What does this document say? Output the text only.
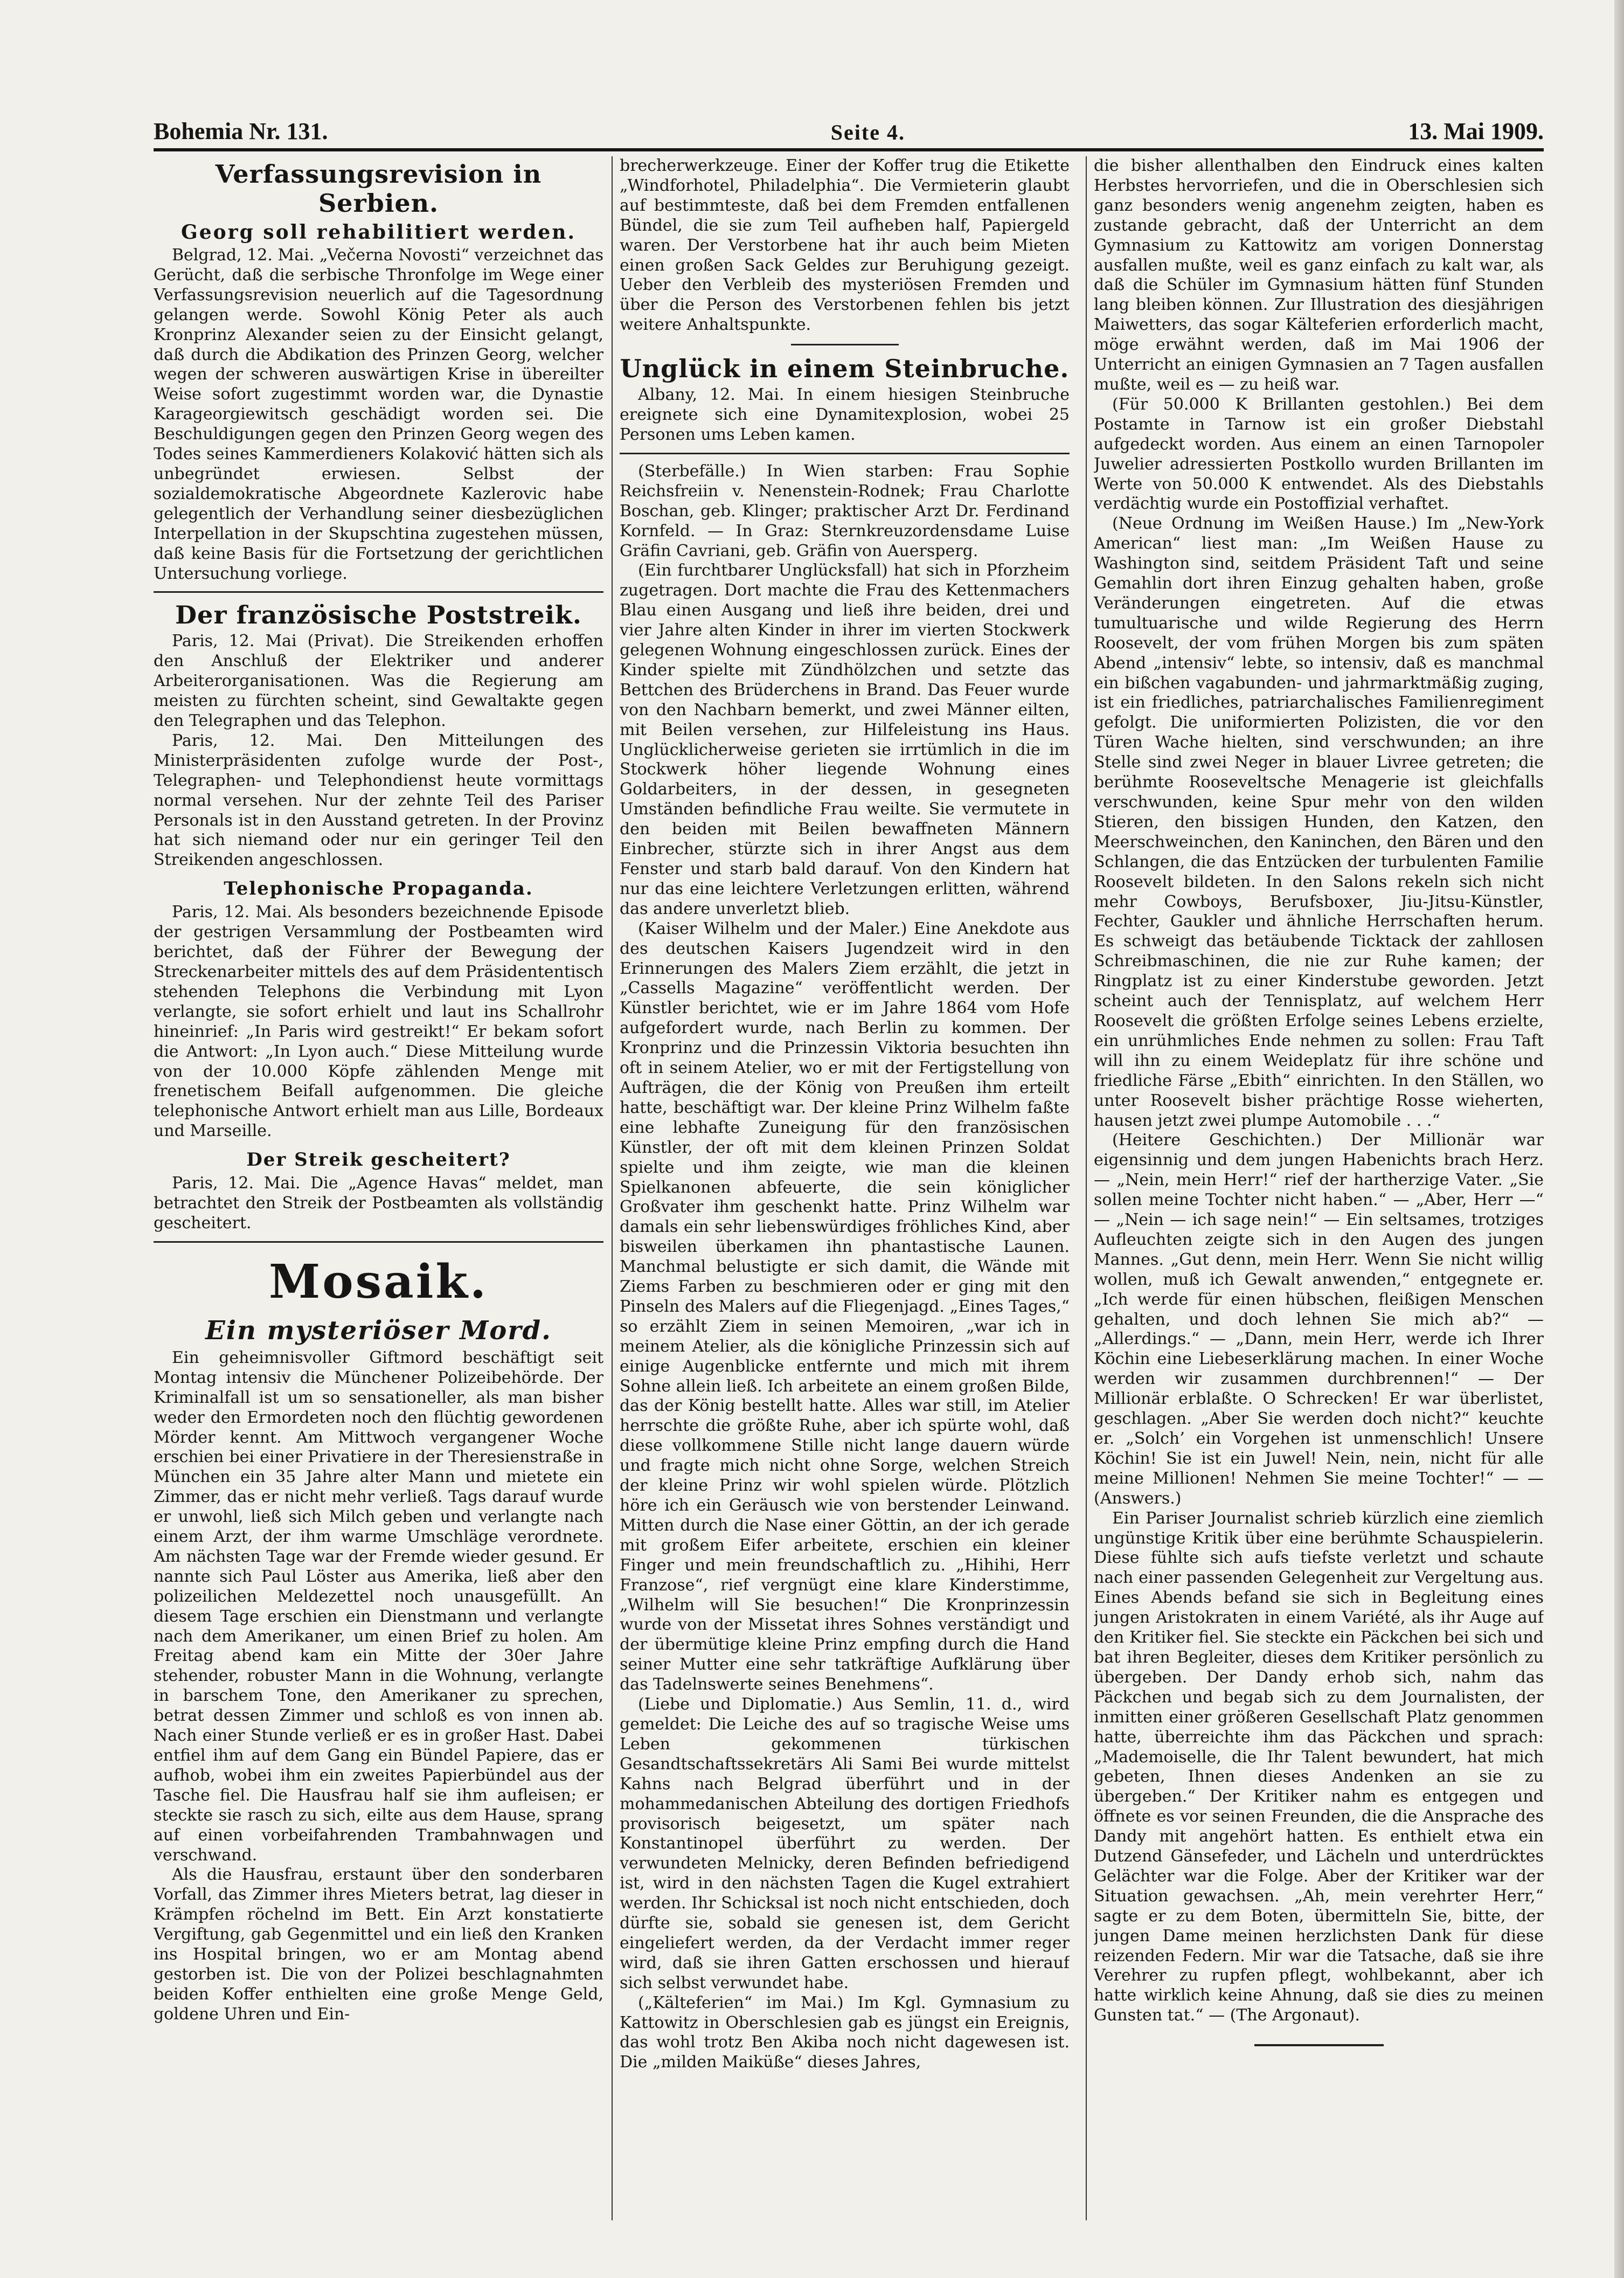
Bohemia Nr. 131.	Seite 4.	13. Mai 1909.
Verfassungsrevision in Serbien.
Georg soll rehabilitiert werden.

Belgrad, 12. Mai. „Večerna Novosti“ verzeichnet das Gerücht, daß die serbische Thronfolge im Wege einer Verfassungsrevision neuerlich auf die Tagesordnung gelangen werde. Sowohl König Peter als auch Kronprinz Alexander seien zu der Einsicht gelangt, daß durch die Abdikation des Prinzen Georg, welcher wegen der schweren auswärtigen Krise in übereilter Weise sofort zugestimmt worden war, die Dynastie Karageorgiewitsch geschädigt worden sei. Die Beschuldigungen gegen den Prinzen Georg wegen des Todes seines Kammerdieners Kolaković hätten sich als unbegründet erwiesen. Selbst der sozialdemokratische Abgeordnete Kazlerovic habe gelegentlich der Verhandlung seiner diesbezüglichen Interpellation in der Skupschtina zugestehen müssen, daß keine Basis für die Fortsetzung der gerichtlichen Untersuchung vorliege.

Der französische Poststreik.

Paris, 12. Mai (Privat). Die Streikenden erhoffen den Anschluß der Elektriker und anderer Arbeiterorganisationen. Was die Regierung am meisten zu fürchten scheint, sind Gewaltakte gegen den Telegraphen und das Telephon.

Paris, 12. Mai. Den Mitteilungen des Ministerpräsidenten zufolge wurde der Post-, Telegraphen- und Telephondienst heute vormittags normal versehen. Nur der zehnte Teil des Pariser Personals ist in den Ausstand getreten. In der Provinz hat sich niemand oder nur ein geringer Teil den Streikenden angeschlossen.

Telephonische Propaganda.

Paris, 12. Mai. Als besonders bezeichnende Episode der gestrigen Versammlung der Postbeamten wird berichtet, daß der Führer der Bewegung der Streckenarbeiter mittels des auf dem Präsidententisch stehenden Telephons die Verbindung mit Lyon verlangte, sie sofort erhielt und laut ins Schallrohr hineinrief: „In Paris wird gestreikt!“ Er bekam sofort die Antwort: „In Lyon auch.“ Diese Mitteilung wurde von der 10.000 Köpfe zählenden Menge mit frenetischem Beifall aufgenommen. Die gleiche telephonische Antwort erhielt man aus Lille, Bordeaux und Marseille.

Der Streik gescheitert?

Paris, 12. Mai. Die „Agence Havas“ meldet, man betrachtet den Streik der Postbeamten als vollständig gescheitert.

Mosaik.
Ein mysteriöser Mord.

Ein geheimnisvoller Giftmord beschäftigt seit Montag intensiv die Münchener Polizeibehörde. Der Kriminalfall ist um so sensationeller, als man bisher weder den Ermordeten noch den flüchtig gewordenen Mörder kennt. Am Mittwoch vergangener Woche erschien bei einer Privatiere in der Theresienstraße in München ein 35 Jahre alter Mann und mietete ein Zimmer, das er nicht mehr verließ. Tags darauf wurde er unwohl, ließ sich Milch geben und verlangte nach einem Arzt, der ihm warme Umschläge verordnete. Am nächsten Tage war der Fremde wieder gesund. Er nannte sich Paul Löster aus Amerika, ließ aber den polizeilichen Meldezettel noch unausgefüllt. An diesem Tage erschien ein Dienstmann und verlangte nach dem Amerikaner, um einen Brief zu holen. Am Freitag abend kam ein Mitte der 30er Jahre stehender, robuster Mann in die Wohnung, verlangte in barschem Tone, den Amerikaner zu sprechen, betrat dessen Zimmer und schloß es von innen ab. Nach einer Stunde verließ er es in großer Hast. Dabei entfiel ihm auf dem Gang ein Bündel Papiere, das er aufhob, wobei ihm ein zweites Papierbündel aus der Tasche fiel. Die Hausfrau half sie ihm aufleisen; er steckte sie rasch zu sich, eilte aus dem Hause, sprang auf einen vorbeifahrenden Trambahnwagen und verschwand.

Als die Hausfrau, erstaunt über den sonderbaren Vorfall, das Zimmer ihres Mieters betrat, lag dieser in Krämpfen röchelnd im Bett. Ein Arzt konstatierte Vergiftung, gab Gegenmittel und ein ließ den Kranken ins Hospital bringen, wo er am Montag abend gestorben ist. Die von der Polizei beschlagnahmten beiden Koffer enthielten eine große Menge Geld, goldene Uhren und Ein-

brecherwerkzeuge. Einer der Koffer trug die Etikette „Windforhotel, Philadelphia“. Die Vermieterin glaubt auf bestimmteste, daß bei dem Fremden entfallenen Bündel, die sie zum Teil aufheben half, Papiergeld waren. Der Verstorbene hat ihr auch beim Mieten einen großen Sack Geldes zur Beruhigung gezeigt. Ueber den Verbleib des mysteriösen Fremden und über die Person des Verstorbenen fehlen bis jetzt weitere Anhaltspunkte.

Unglück in einem Steinbruche.

Albany, 12. Mai. In einem hiesigen Steinbruche ereignete sich eine Dynamitexplosion, wobei 25 Personen ums Leben kamen.

(Sterbefälle.) In Wien starben: Frau Sophie Reichsfreiin v. Nenenstein-Rodnek; Frau Charlotte Boschan, geb. Klinger; praktischer Arzt Dr. Ferdinand Kornfeld. — In Graz: Sternkreuzordensdame Luise Gräfin Cavriani, geb. Gräfin von Auersperg.

(Ein furchtbarer Unglücksfall) hat sich in Pforzheim zugetragen. Dort machte die Frau des Kettenmachers Blau einen Ausgang und ließ ihre beiden, drei und vier Jahre alten Kinder in ihrer im vierten Stockwerk gelegenen Wohnung eingeschlossen zurück. Eines der Kinder spielte mit Zündhölzchen und setzte das Bettchen des Brüderchens in Brand. Das Feuer wurde von den Nachbarn bemerkt, und zwei Männer eilten, mit Beilen versehen, zur Hilfeleistung ins Haus. Unglücklicherweise gerieten sie irrtümlich in die im Stockwerk höher liegende Wohnung eines Goldarbeiters, in der dessen, in gesegneten Umständen befindliche Frau weilte. Sie vermutete in den beiden mit Beilen bewaffneten Männern Einbrecher, stürzte sich in ihrer Angst aus dem Fenster und starb bald darauf. Von den Kindern hat nur das eine leichtere Verletzungen erlitten, während das andere unverletzt blieb.

(Kaiser Wilhelm und der Maler.) Eine Anekdote aus des deutschen Kaisers Jugendzeit wird in den Erinnerungen des Malers Ziem erzählt, die jetzt in „Cassells Magazine“ veröffentlicht werden. Der Künstler berichtet, wie er im Jahre 1864 vom Hofe aufgefordert wurde, nach Berlin zu kommen. Der Kronprinz und die Prinzessin Viktoria besuchten ihn oft in seinem Atelier, wo er mit der Fertigstellung von Aufträgen, die der König von Preußen ihm erteilt hatte, beschäftigt war. Der kleine Prinz Wilhelm faßte eine lebhafte Zuneigung für den französischen Künstler, der oft mit dem kleinen Prinzen Soldat spielte und ihm zeigte, wie man die kleinen Spielkanonen abfeuerte, die sein königlicher Großvater ihm geschenkt hatte. Prinz Wilhelm war damals ein sehr liebenswürdiges fröhliches Kind, aber bisweilen überkamen ihn phantastische Launen. Manchmal belustigte er sich damit, die Wände mit Ziems Farben zu beschmieren oder er ging mit den Pinseln des Malers auf die Fliegenjagd. „Eines Tages,“ so erzählt Ziem in seinen Memoiren, „war ich in meinem Atelier, als die königliche Prinzessin sich auf einige Augenblicke entfernte und mich mit ihrem Sohne allein ließ. Ich arbeitete an einem großen Bilde, das der König bestellt hatte. Alles war still, im Atelier herrschte die größte Ruhe, aber ich spürte wohl, daß diese vollkommene Stille nicht lange dauern würde und fragte mich nicht ohne Sorge, welchen Streich der kleine Prinz wir wohl spielen würde. Plötzlich höre ich ein Geräusch wie von berstender Leinwand. Mitten durch die Nase einer Göttin, an der ich gerade mit großem Eifer arbeitete, erschien ein kleiner Finger und mein freundschaftlich zu. „Hihihi, Herr Franzose“, rief vergnügt eine klare Kinderstimme, „Wilhelm will Sie besuchen!“ Die Kronprinzessin wurde von der Missetat ihres Sohnes verständigt und der übermütige kleine Prinz empfing durch die Hand seiner Mutter eine sehr tatkräftige Aufklärung über das Tadelnswerte seines Benehmens“.

(Liebe und Diplomatie.) Aus Semlin, 11. d., wird gemeldet: Die Leiche des auf so tragische Weise ums Leben gekommenen türkischen Gesandtschaftssekretärs Ali Sami Bei wurde mittelst Kahns nach Belgrad überführt und in der mohammedanischen Abteilung des dortigen Friedhofs provisorisch beigesetzt, um später nach Konstantinopel überführt zu werden. Der verwundeten Melnicky, deren Befinden befriedigend ist, wird in den nächsten Tagen die Kugel extrahiert werden. Ihr Schicksal ist noch nicht entschieden, doch dürfte sie, sobald sie genesen ist, dem Gericht eingeliefert werden, da der Verdacht immer reger wird, daß sie ihren Gatten erschossen und hierauf sich selbst verwundet habe.

(„Kälteferien“ im Mai.) Im Kgl. Gymnasium zu Kattowitz in Oberschlesien gab es jüngst ein Ereignis, das wohl trotz Ben Akiba noch nicht dagewesen ist. Die „milden Maiküße“ dieses Jahres,

die bisher allenthalben den Eindruck eines kalten Herbstes hervorriefen, und die in Oberschlesien sich ganz besonders wenig angenehm zeigten, haben es zustande gebracht, daß der Unterricht an dem Gymnasium zu Kattowitz am vorigen Donnerstag ausfallen mußte, weil es ganz einfach zu kalt war, als daß die Schüler im Gymnasium hätten fünf Stunden lang bleiben können. Zur Illustration des diesjährigen Maiwetters, das sogar Kälteferien erforderlich macht, möge erwähnt werden, daß im Mai 1906 der Unterricht an einigen Gymnasien an 7 Tagen ausfallen mußte, weil es — zu heiß war.

(Für 50.000 K Brillanten gestohlen.) Bei dem Postamte in Tarnow ist ein großer Diebstahl aufgedeckt worden. Aus einem an einen Tarnopoler Juwelier adressierten Postkollo wurden Brillanten im Werte von 50.000 K entwendet. Als des Diebstahls verdächtig wurde ein Postoffizial verhaftet.

(Neue Ordnung im Weißen Hause.) Im „New-York American“ liest man: „Im Weißen Hause zu Washington sind, seitdem Präsident Taft und seine Gemahlin dort ihren Einzug gehalten haben, große Veränderungen eingetreten. Auf die etwas tumultuarische und wilde Regierung des Herrn Roosevelt, der vom frühen Morgen bis zum späten Abend „intensiv“ lebte, so intensiv, daß es manchmal ein bißchen vagabunden- und jahrmarktmäßig zuging, ist ein friedliches, patriarchalisches Familienregiment gefolgt. Die uniformierten Polizisten, die vor den Türen Wache hielten, sind verschwunden; an ihre Stelle sind zwei Neger in blauer Livree getreten; die berühmte Rooseveltsche Menagerie ist gleichfalls verschwunden, keine Spur mehr von den wilden Stieren, den bissigen Hunden, den Katzen, den Meerschweinchen, den Kaninchen, den Bären und den Schlangen, die das Entzücken der turbulenten Familie Roosevelt bildeten. In den Salons rekeln sich nicht mehr Cowboys, Berufsboxer, Jiu-Jitsu-Künstler, Fechter, Gaukler und ähnliche Herrschaften herum. Es schweigt das betäubende Ticktack der zahllosen Schreibmaschinen, die nie zur Ruhe kamen; der Ringplatz ist zu einer Kinderstube geworden. Jetzt scheint auch der Tennisplatz, auf welchem Herr Roosevelt die größten Erfolge seines Lebens erzielte, ein unrühmliches Ende nehmen zu sollen: Frau Taft will ihn zu einem Weideplatz für ihre schöne und friedliche Färse „Ebith“ einrichten. In den Ställen, wo unter Roosevelt bisher prächtige Rosse wieherten, hausen jetzt zwei plumpe Automobile . . .“

(Heitere Geschichten.) Der Millionär war eigensinnig und dem jungen Habenichts brach Herz. — „Nein, mein Herr!“ rief der hartherzige Vater. „Sie sollen meine Tochter nicht haben.“ — „Aber, Herr —“ — „Nein — ich sage nein!“ — Ein seltsames, trotziges Aufleuchten zeigte sich in den Augen des jungen Mannes. „Gut denn, mein Herr. Wenn Sie nicht willig wollen, muß ich Gewalt anwenden,“ entgegnete er. „Ich werde für einen hübschen, fleißigen Menschen gehalten, und doch lehnen Sie mich ab?“ — „Allerdings.“ — „Dann, mein Herr, werde ich Ihrer Köchin eine Liebeserklärung machen. In einer Woche werden wir zusammen durchbrennen!“ — Der Millionär erblaßte. O Schrecken! Er war überlistet, geschlagen. „Aber Sie werden doch nicht?“ keuchte er. „Solch’ ein Vorgehen ist unmenschlich! Unsere Köchin! Sie ist ein Juwel! Nein, nein, nicht für alle meine Millionen! Nehmen Sie meine Tochter!“ — — (Answers.)

Ein Pariser Journalist schrieb kürzlich eine ziemlich ungünstige Kritik über eine berühmte Schauspielerin. Diese fühlte sich aufs tiefste verletzt und schaute nach einer passenden Gelegenheit zur Vergeltung aus. Eines Abends befand sie sich in Begleitung eines jungen Aristokraten in einem Variété, als ihr Auge auf den Kritiker fiel. Sie steckte ein Päckchen bei sich und bat ihren Begleiter, dieses dem Kritiker persönlich zu übergeben. Der Dandy erhob sich, nahm das Päckchen und begab sich zu dem Journalisten, der inmitten einer größeren Gesellschaft Platz genommen hatte, überreichte ihm das Päckchen und sprach: „Mademoiselle, die Ihr Talent bewundert, hat mich gebeten, Ihnen dieses Andenken an sie zu übergeben.“ Der Kritiker nahm es entgegen und öffnete es vor seinen Freunden, die die Ansprache des Dandy mit angehört hatten. Es enthielt etwa ein Dutzend Gänsefeder, und Lächeln und unterdrücktes Gelächter war die Folge. Aber der Kritiker war der Situation gewachsen. „Ah, mein verehrter Herr,“ sagte er zu dem Boten, übermitteln Sie, bitte, der jungen Dame meinen herzlichsten Dank für diese reizenden Federn. Mir war die Tatsache, daß sie ihre Verehrer zu rupfen pflegt, wohlbekannt, aber ich hatte wirklich keine Ahnung, daß sie dies zu meinen Gunsten tat.“ — (The Argonaut).
